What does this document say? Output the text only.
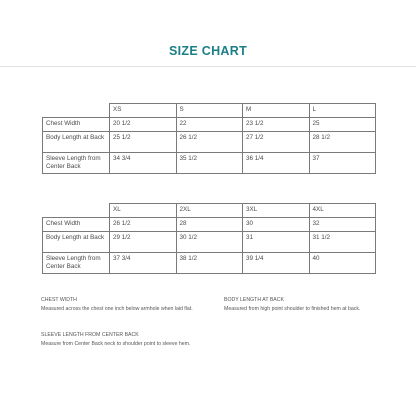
SIZE CHART
	XS	S	M	L
Chest Width	20 1/2	22	23 1/2	25
Body Length at Back	25 1/2	26 1/2	27 1/2	28 1/2
Sleeve Length from Center Back	34 3/4	35 1/2	36 1/4	37
	XL	2XL	3XL	4XL
Chest Width	26 1/2	28	30	32
Body Length at Back	29 1/2	30 1/2	31	31 1/2
Sleeve Length from Center Back	37 3/4	38 1/2	39 1/4	40
CHEST WIDTH
Measured across the chest one inch below armhole when laid flat.
BODY LENGTH AT BACK
Measured from high point shoulder to finished hem at back.
SLEEVE LENGTH FROM CENTER BACK
Measure from Center Back neck to shoulder point to sleeve hem.
